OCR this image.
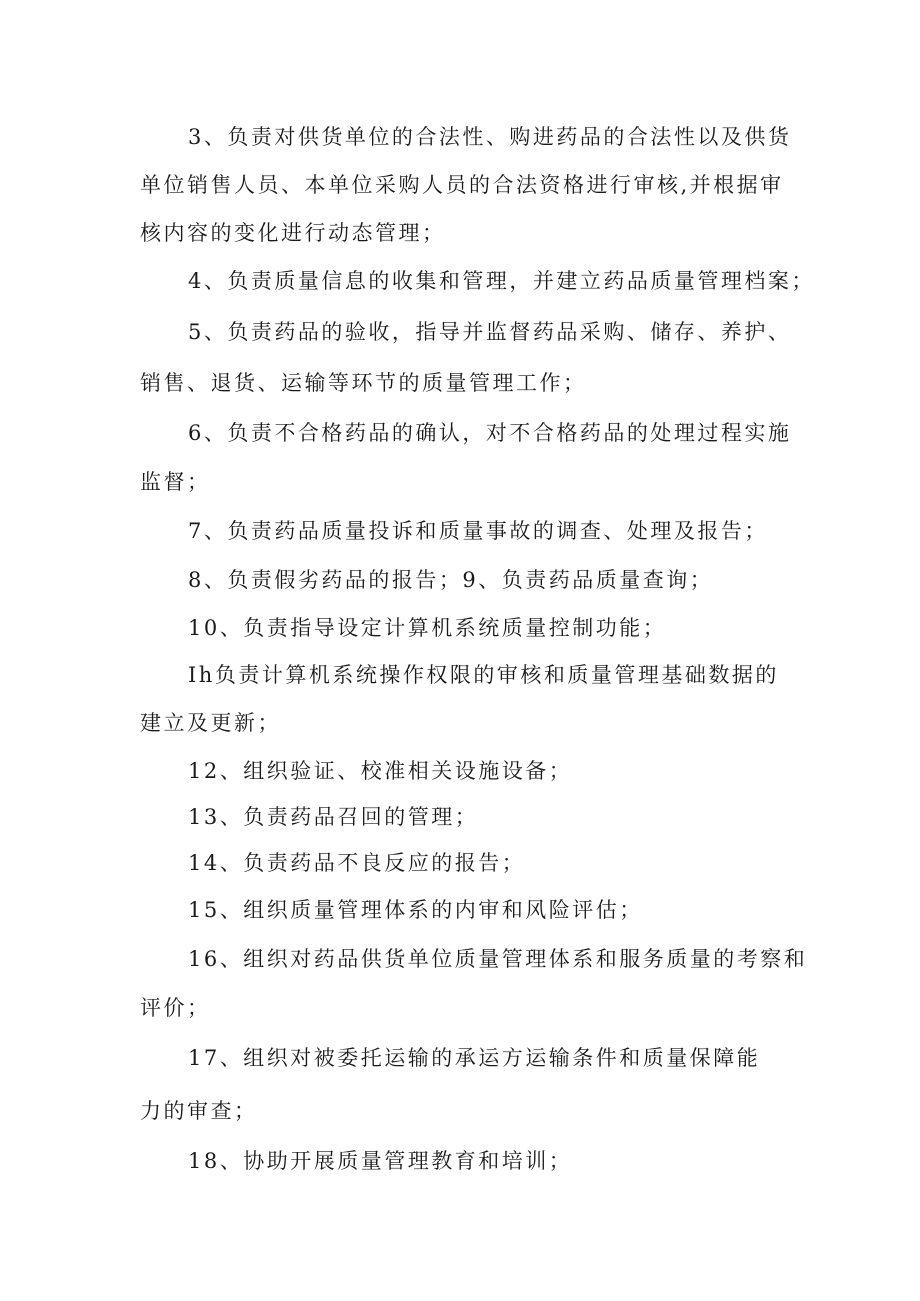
3、负责对供货单位的合法性、购进药品的合法性以及供货
单位销售人员、本单位采购人员的合法资格进行审核,并根据审
核内容的变化进行动态管理；
4、负责质量信息的收集和管理，并建立药品质量管理档案；
5、负责药品的验收，指导并监督药品采购、储存、养护、
销售、退货、运输等环节的质量管理工作；
6、负责不合格药品的确认，对不合格药品的处理过程实施
监督；
7、负责药品质量投诉和质量事故的调查、处理及报告；
8、负责假劣药品的报告；9、负责药品质量查询；
10、负责指导设定计算机系统质量控制功能；
Ih负责计算机系统操作权限的审核和质量管理基础数据的
建立及更新；
12、组织验证、校准相关设施设备；
13、负责药品召回的管理；
14、负责药品不良反应的报告；
15、组织质量管理体系的内审和风险评估；
16、组织对药品供货单位质量管理体系和服务质量的考察和
评价；
17、组织对被委托运输的承运方运输条件和质量保障能
力的审查；
18、协助开展质量管理教育和培训；
